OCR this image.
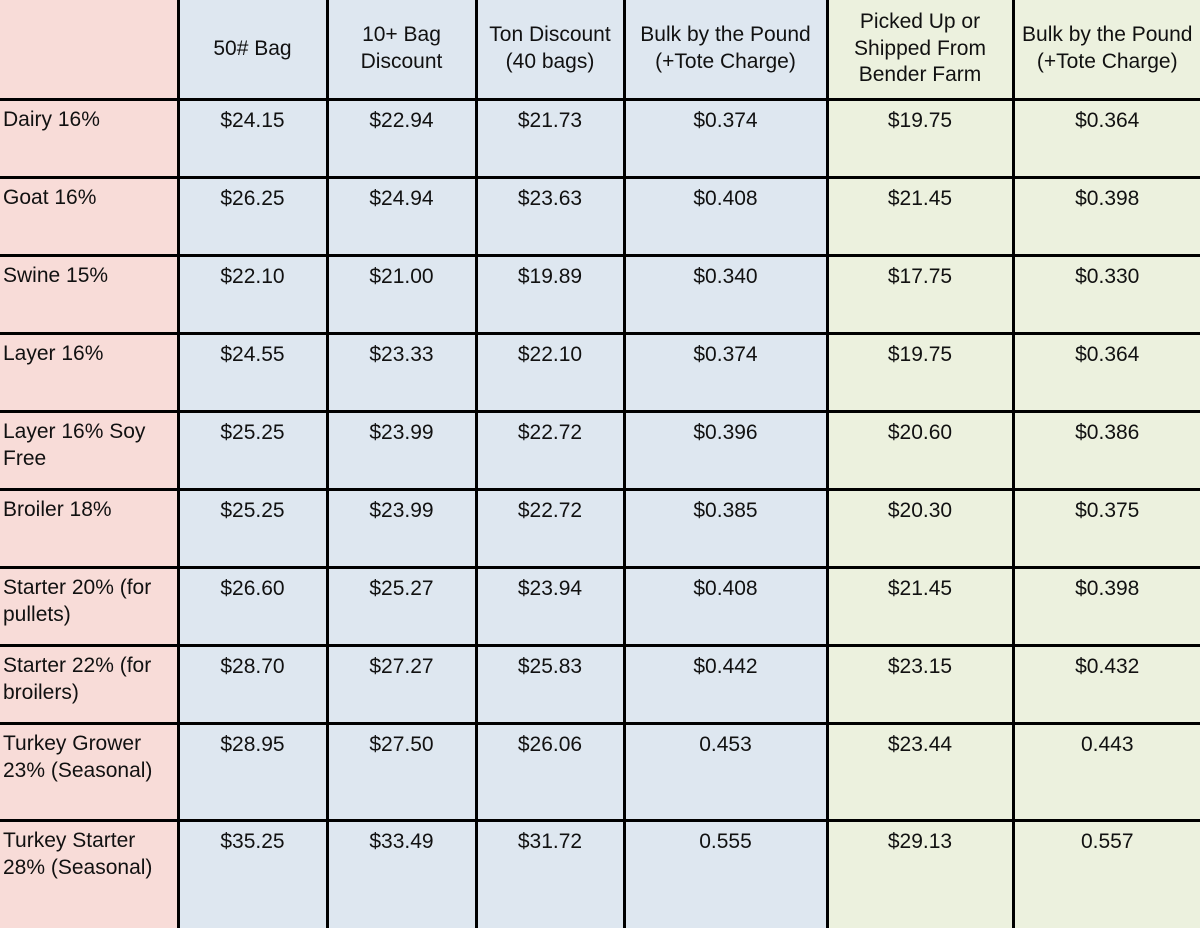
	50# Bag	10+ Bag Discount	Ton Discount (40 bags)	Bulk by the Pound (+Tote Charge)	Picked Up or Shipped From Bender Farm	Bulk by the Pound (+Tote Charge)
Dairy 16%	$24.15	$22.94	$21.73	$0.374	$19.75	$0.364
Goat 16%	$26.25	$24.94	$23.63	$0.408	$21.45	$0.398
Swine 15%	$22.10	$21.00	$19.89	$0.340	$17.75	$0.330
Layer 16%	$24.55	$23.33	$22.10	$0.374	$19.75	$0.364
Layer 16% Soy Free	$25.25	$23.99	$22.72	$0.396	$20.60	$0.386
Broiler 18%	$25.25	$23.99	$22.72	$0.385	$20.30	$0.375
Starter 20% (for pullets)	$26.60	$25.27	$23.94	$0.408	$21.45	$0.398
Starter 22% (for broilers)	$28.70	$27.27	$25.83	$0.442	$23.15	$0.432
Turkey Grower 23% (Seasonal)	$28.95	$27.50	$26.06	0.453	$23.44	0.443
Turkey Starter 28% (Seasonal)	$35.25	$33.49	$31.72	0.555	$29.13	0.557
